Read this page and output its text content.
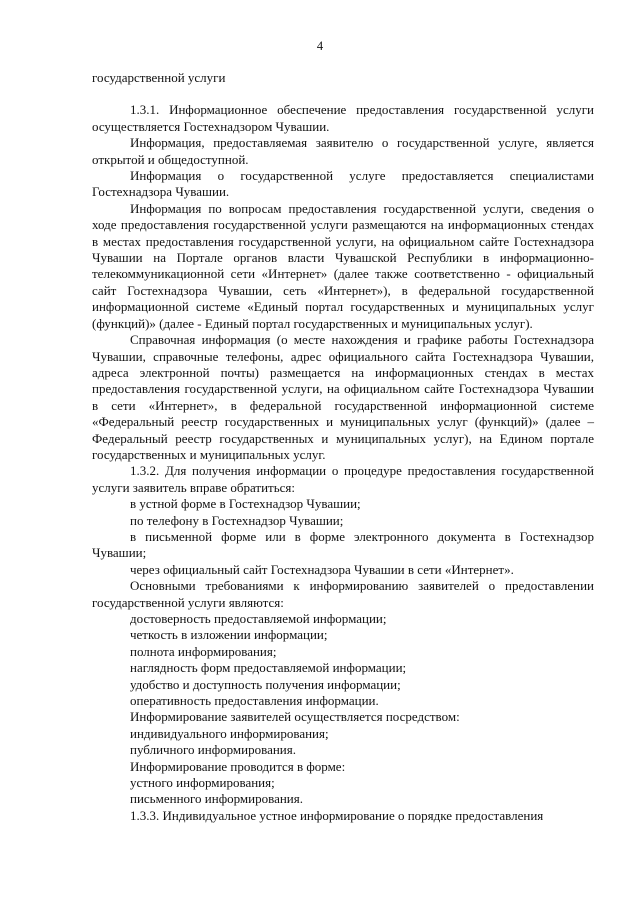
4

государственной услуги

1.3.1. Информационное обеспечение предоставления государственной услуги осуществляется Гостехнадзором Чувашии.

Информация, предоставляемая заявителю о государственной услуге, является открытой и общедоступной.

Информация о государственной услуге предоставляется специалистами Гостехнадзора Чувашии.

Информация по вопросам предоставления государственной услуги, сведения о ходе предоставления государственной услуги размещаются на информационных стендах в местах предоставления государственной услуги, на официальном сайте Гостехнадзора Чувашии на Портале органов власти Чувашской Республики в информационно-телекоммуникационной сети «Интернет» (далее также соответственно - официальный сайт Гостехнадзора Чувашии, сеть «Интернет»), в федеральной государственной информационной системе «Единый портал государственных и муниципальных услуг (функций)» (далее - Единый портал государственных и муниципальных услуг).

Справочная информация (о месте нахождения и графике работы Гостехнадзора Чувашии, справочные телефоны, адрес официального сайта Гостехнадзора Чувашии, адреса электронной почты) размещается на информационных стендах в местах предоставления государственной услуги, на официальном сайте Гостехнадзора Чувашии в сети «Интернет», в федеральной государственной информационной системе «Федеральный реестр государственных и муниципальных услуг (функций)» (далее – Федеральный реестр государственных и муниципальных услуг), на Едином портале государственных и муниципальных услуг.

1.3.2. Для получения информации о процедуре предоставления государственной услуги заявитель вправе обратиться:

в устной форме в Гостехнадзор Чувашии;

по телефону в Гостехнадзор Чувашии;

в письменной форме или в форме электронного документа в Гостехнадзор Чувашии;

через официальный сайт Гостехнадзора Чувашии в сети «Интернет».

Основными требованиями к информированию заявителей о предоставлении государственной услуги являются:

достоверность предоставляемой информации;

четкость в изложении информации;

полнота информирования;

наглядность форм предоставляемой информации;

удобство и доступность получения информации;

оперативность предоставления информации.

Информирование заявителей осуществляется посредством:

индивидуального информирования;

публичного информирования.

Информирование проводится в форме:

устного информирования;

письменного информирования.

1.3.3. Индивидуальное устное информирование о порядке предоставления
